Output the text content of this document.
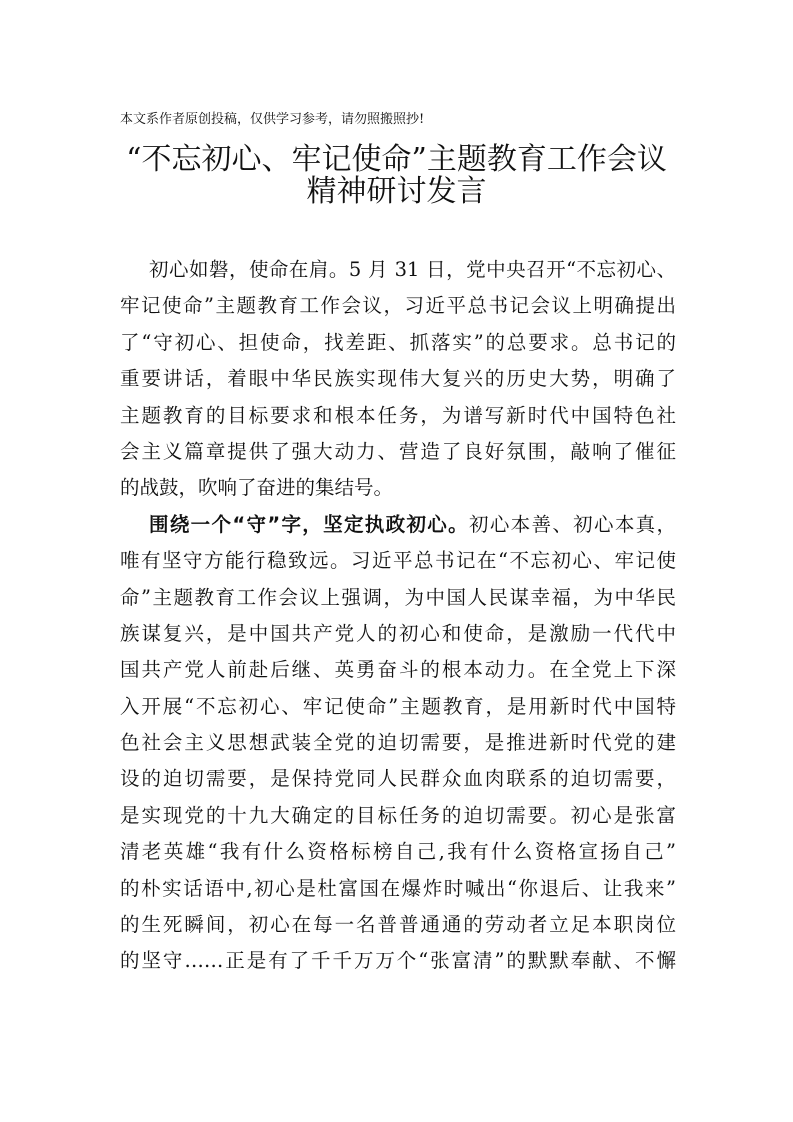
本文系作者原创投稿，仅供学习参考，请勿照搬照抄!
“不忘初心、牢记使命”主题教育工作会议
精神研讨发言
初心如磐，使命在肩。5 月 31 日，党中央召开“不忘初心、
牢记使命”主题教育工作会议，习近平总书记会议上明确提出
了“守初心、担使命，找差距、抓落实”的总要求。总书记的
重要讲话，着眼中华民族实现伟大复兴的历史大势，明确了
主题教育的目标要求和根本任务，为谱写新时代中国特色社
会主义篇章提供了强大动力、营造了良好氛围，敲响了催征
的战鼓，吹响了奋进的集结号。
围绕一个“守”字，坚定执政初心。初心本善、初心本真，
唯有坚守方能行稳致远。习近平总书记在“不忘初心、牢记使
命”主题教育工作会议上强调，为中国人民谋幸福，为中华民
族谋复兴，是中国共产党人的初心和使命，是激励一代代中
国共产党人前赴后继、英勇奋斗的根本动力。在全党上下深
入开展“不忘初心、牢记使命”主题教育，是用新时代中国特
色社会主义思想武装全党的迫切需要，是推进新时代党的建
设的迫切需要，是保持党同人民群众血肉联系的迫切需要，
是实现党的十九大确定的目标任务的迫切需要。初心是张富
清老英雄“我有什么资格标榜自己,我有什么资格宣扬自己”
的朴实话语中,初心是杜富国在爆炸时喊出“你退后、让我来”
的生死瞬间，初心在每一名普普通通的劳动者立足本职岗位
的坚守……正是有了千千万万个“张富清”的默默奉献、不懈
